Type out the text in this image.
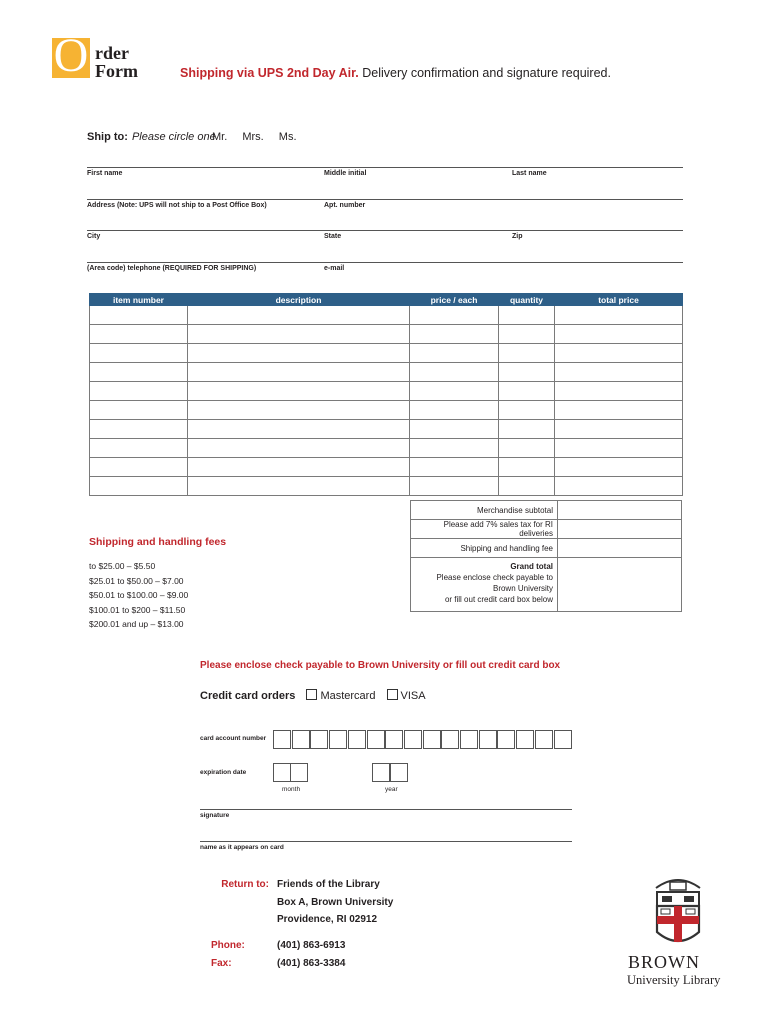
O rder
Form	Shipping via UPS 2nd Day Air. Delivery confirmation and signature required.
Ship to: Please circle one
Mr. Mrs. Ms.
First name	Middle initial	Last name
Address (Note: UPS will not ship to a Post Office Box)	Apt. number
City	State	Zip
(Area code) telephone (REQUIRED FOR SHIPPING)	e-mail
item number	description	price / each	quantity	total price

Merchandise subtotal	
Please add 7% sales tax for RI deliveries	
Shipping and handling fee	

Grand total
Please enclose check payable to
Brown University
or fill out credit card box below	

Shipping and handling fees
to $25.00 – $5.50
$25.01 to $50.00 – $7.00
$50.01 to $100.00 – $9.00
$100.01 to $200 – $11.50
$200.01 and up – $13.00
Please enclose check payable to Brown University or fill out credit card box
Credit card orders Mastercard VISA
card account number
expiration date
month	year
signature
name as it appears on card
Return to: Friends of the Library
Box A, Brown University
Providence, RI 02912
Phone:	(401) 863-6913
Fax:	(401) 863-3384	BROWN
University Library
